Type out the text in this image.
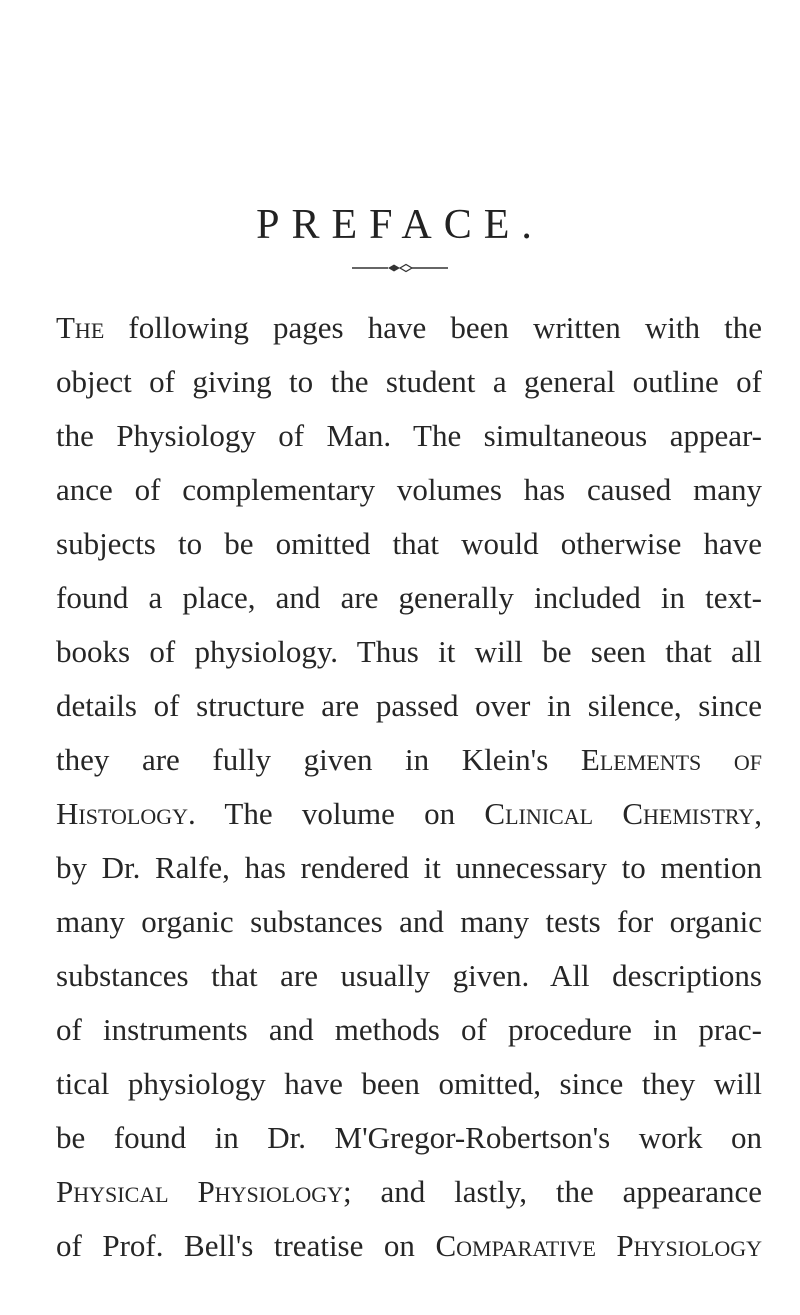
PREFACE.
The following pages have been written with the
object of giving to the student a general outline of
the Physiology of Man. The simultaneous appear-
ance of complementary volumes has caused many
subjects to be omitted that would otherwise have
found a place, and are generally included in text-
books of physiology. Thus it will be seen that all
details of structure are passed over in silence, since
they are fully given in Klein's Elements of
Histology. The volume on Clinical Chemistry,
by Dr. Ralfe, has rendered it unnecessary to mention
many organic substances and many tests for organic
substances that are usually given. All descriptions
of instruments and methods of procedure in prac-
tical physiology have been omitted, since they will
be found in Dr. M'Gregor-Robertson's work on
Physical Physiology; and lastly, the appearance
of Prof. Bell's treatise on Comparative Physiology
